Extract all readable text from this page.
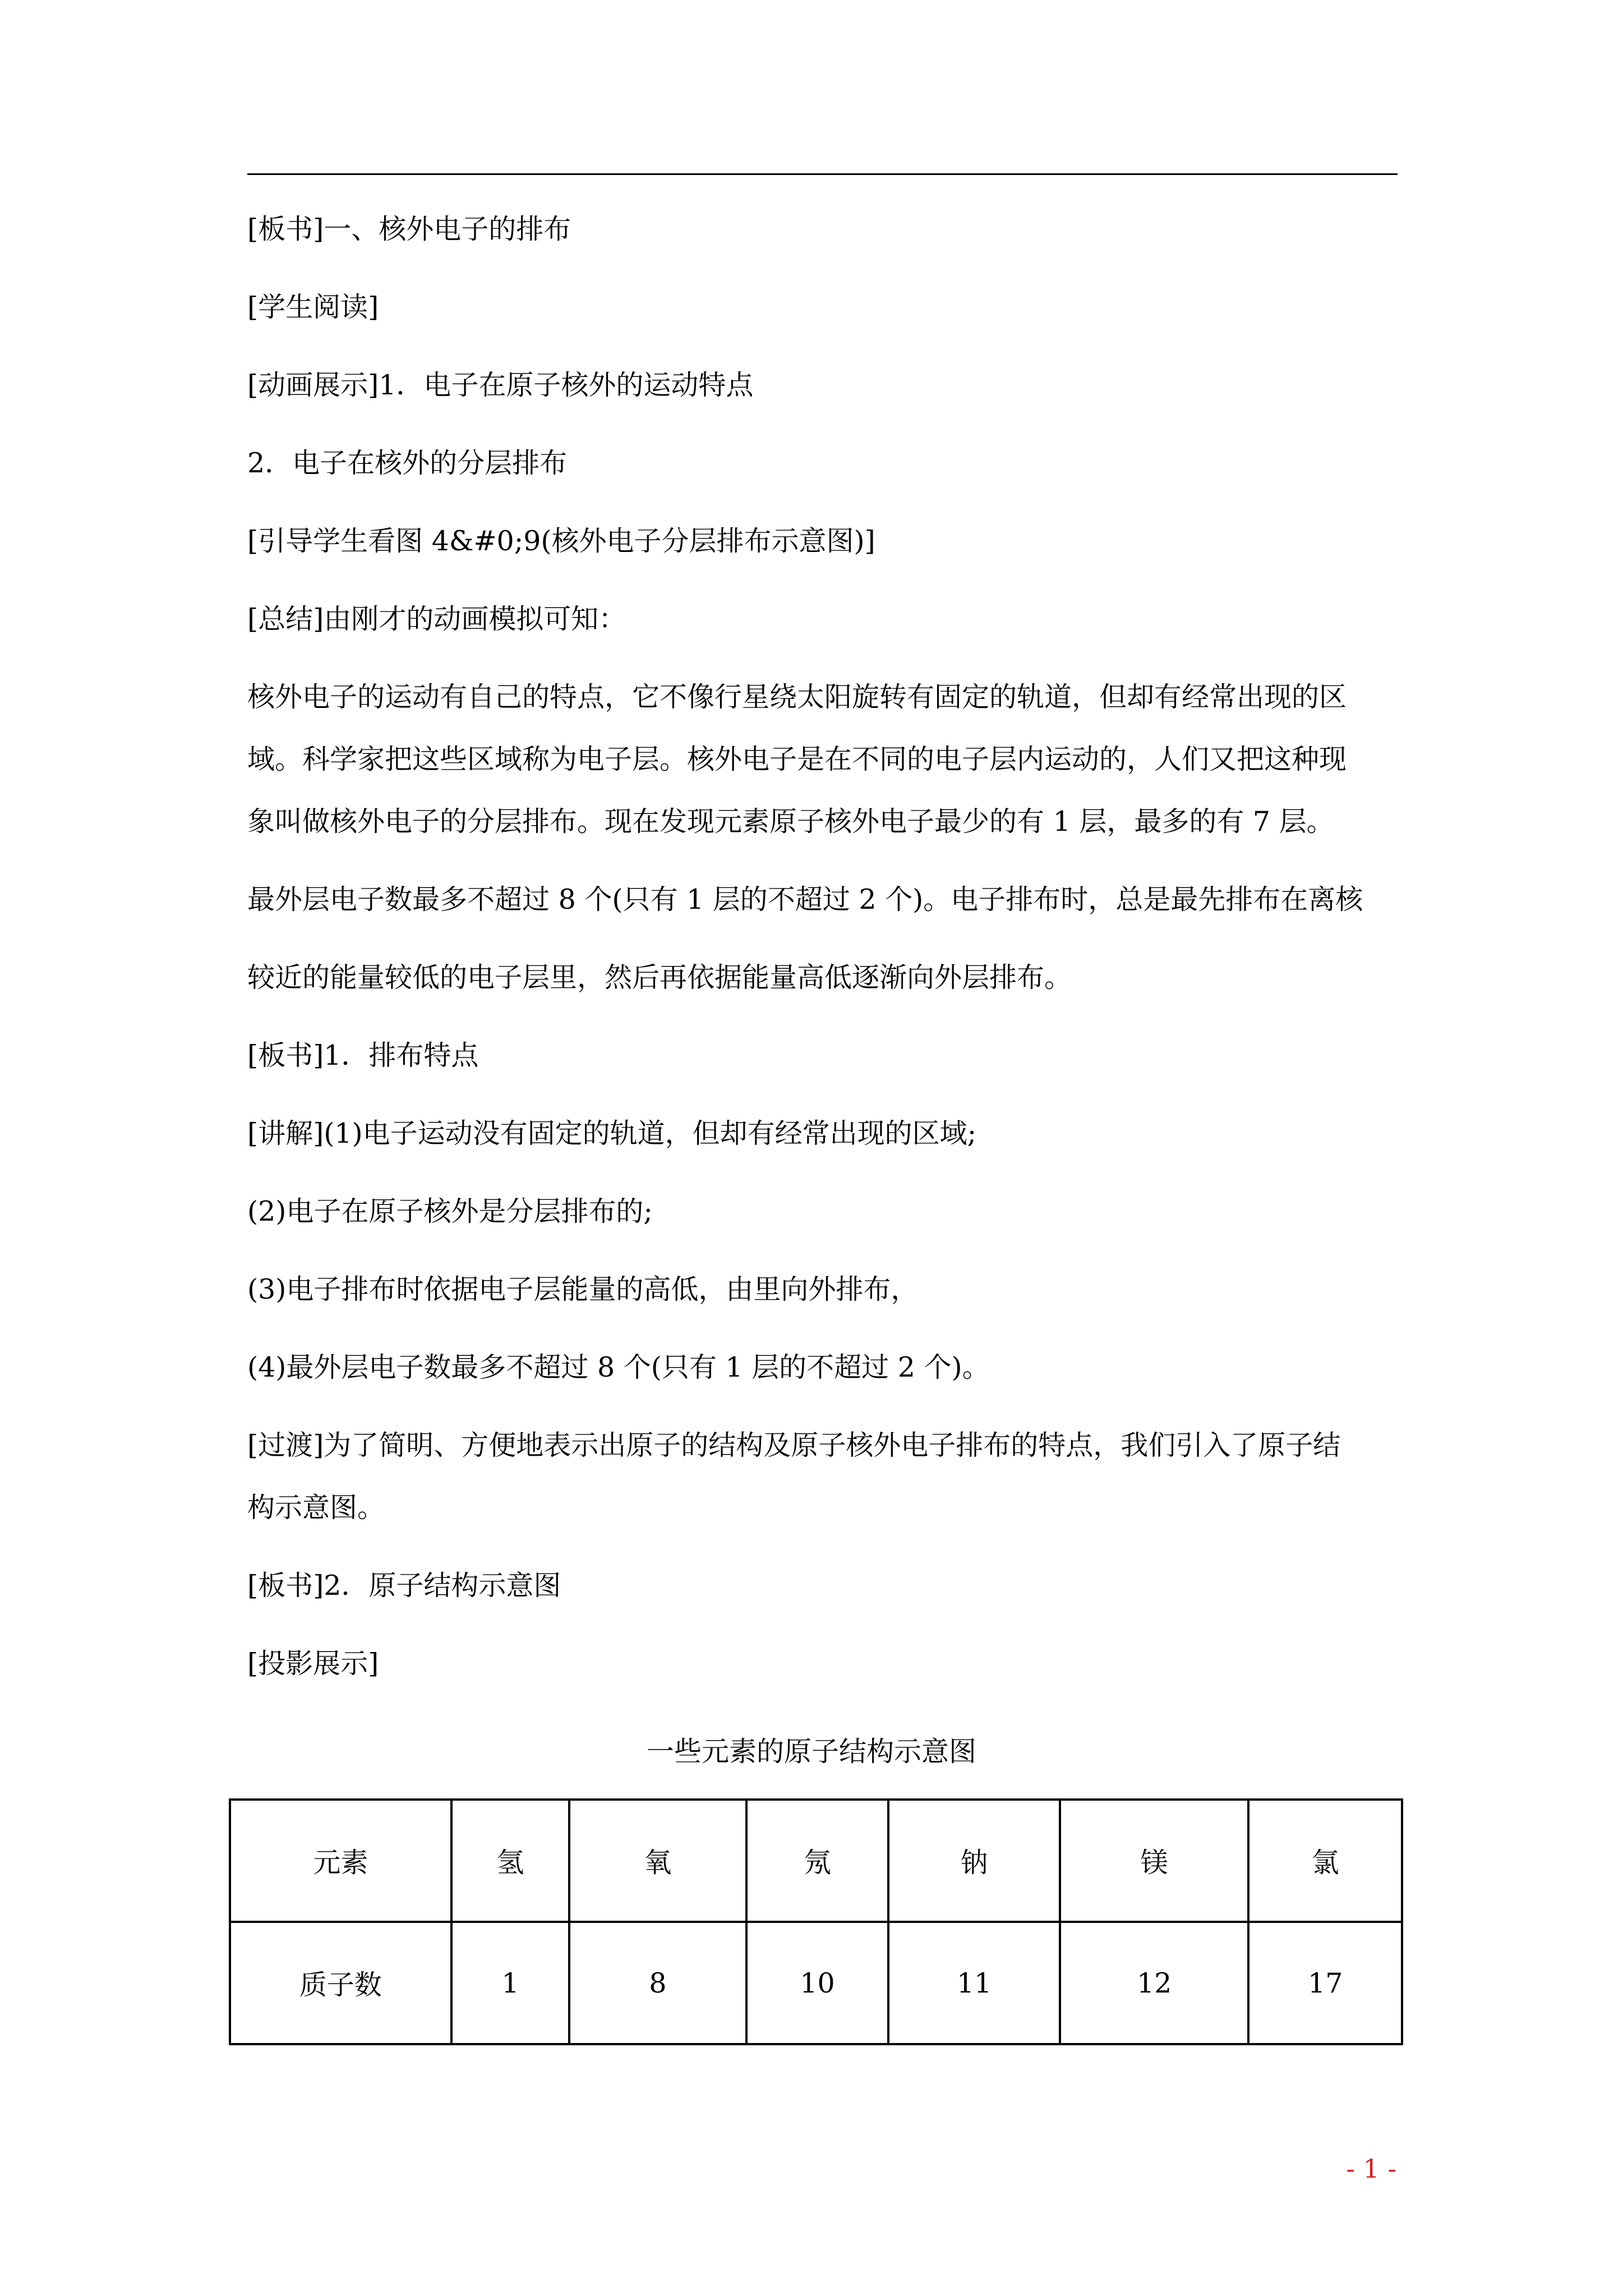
[板书]一、核外电子的排布
[学生阅读]
[动画展示]1．电子在原子核外的运动特点
2．电子在核外的分层排布
[引导学生看图 4&#0;9(核外电子分层排布示意图)]
[总结]由刚才的动画模拟可知：
核外电子的运动有自己的特点，它不像行星绕太阳旋转有固定的轨道，但却有经常出现的区
域。科学家把这些区域称为电子层。核外电子是在不同的电子层内运动的，人们又把这种现
象叫做核外电子的分层排布。现在发现元素原子核外电子最少的有 1 层，最多的有 7 层。
最外层电子数最多不超过 8 个(只有 1 层的不超过 2 个)。电子排布时，总是最先排布在离核
较近的能量较低的电子层里，然后再依据能量高低逐渐向外层排布。
[板书]1．排布特点
[讲解](1)电子运动没有固定的轨道，但却有经常出现的区域;
(2)电子在原子核外是分层排布的;
(3)电子排布时依据电子层能量的高低，由里向外排布，
(4)最外层电子数最多不超过 8 个(只有 1 层的不超过 2 个)。
[过渡]为了简明、方便地表示出原子的结构及原子核外电子排布的特点，我们引入了原子结
构示意图。
[板书]2．原子结构示意图
[投影展示]
一些元素的原子结构示意图
元素	氢	氧	氖	钠	镁	氯
质子数	1	8	10	11	12	17
- 1 -
